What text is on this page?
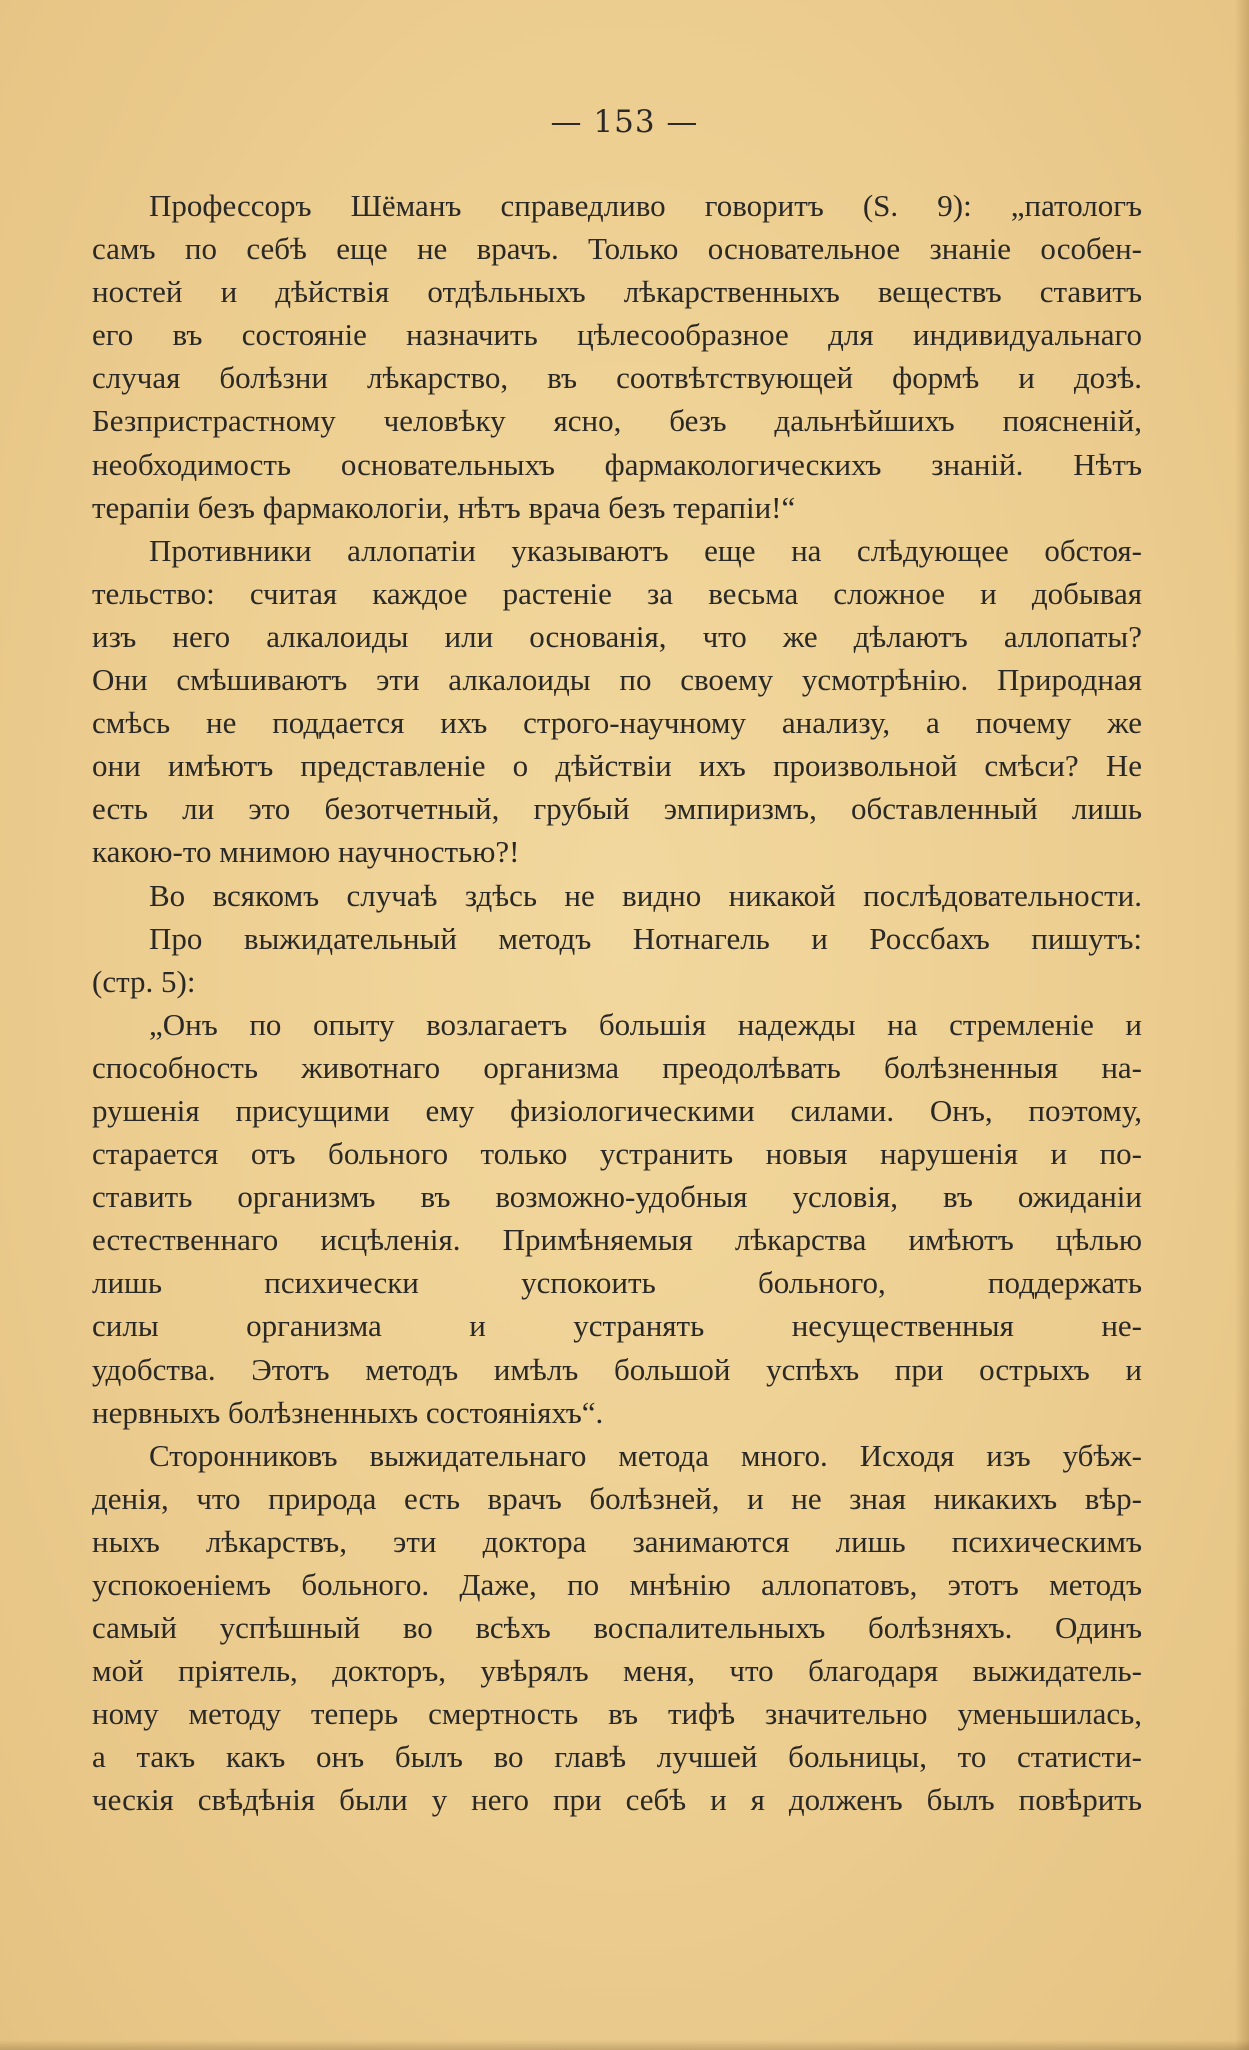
— 153 —
Профессоръ Шёманъ справедливо говоритъ (S. 9): „патологъ
самъ по себѣ еще не врачъ. Только основательное знаніе особен-
ностей и дѣйствія отдѣльныхъ лѣкарственныхъ веществъ ставитъ
его въ состояніе назначить цѣлесообразное для индивидуальнаго
случая болѣзни лѣкарство, въ соотвѣтствующей формѣ и дозѣ.
Безпристрастному человѣку ясно, безъ дальнѣйшихъ поясненій,
необходимость основательныхъ фармакологическихъ знаній. Нѣтъ
терапіи безъ фармакологіи, нѣтъ врача безъ терапіи!“
Противники аллопатіи указываютъ еще на слѣдующее обстоя-
тельство: считая каждое растеніе за весьма сложное и добывая
изъ него алкалоиды или основанія, что же дѣлаютъ аллопаты?
Они смѣшиваютъ эти алкалоиды по своему усмотрѣнію. Природная
смѣсь не поддается ихъ строго-научному анализу, а почему же
они имѣютъ представленіе о дѣйствіи ихъ произвольной смѣси? Не
есть ли это безотчетный, грубый эмпиризмъ, обставленный лишь
какою-то мнимою научностью?!
Во всякомъ случаѣ здѣсь не видно никакой послѣдовательности.
Про выжидательный методъ Нотнагель и Россбахъ пишутъ:
(стр. 5):
„Онъ по опыту возлагаетъ большія надежды на стремленіе и
способность животнаго организма преодолѣвать болѣзненныя на-
рушенія присущими ему физіологическими силами. Онъ, поэтому,
старается отъ больного только устранить новыя нарушенія и по-
ставить организмъ въ возможно-удобныя условія, въ ожиданіи
естественнаго исцѣленія. Примѣняемыя лѣкарства имѣютъ цѣлью
лишь психически успокоить больного, поддержать
силы организма и устранять несущественныя не-
удобства. Этотъ методъ имѣлъ большой успѣхъ при острыхъ и
нервныхъ болѣзненныхъ состояніяхъ“.
Сторонниковъ выжидательнаго метода много. Исходя изъ убѣж-
денія, что природа есть врачъ болѣзней, и не зная никакихъ вѣр-
ныхъ лѣкарствъ, эти доктора занимаются лишь психическимъ
успокоеніемъ больного. Даже, по мнѣнію аллопатовъ, этотъ методъ
самый успѣшный во всѣхъ воспалительныхъ болѣзняхъ. Одинъ
мой пріятель, докторъ, увѣрялъ меня, что благодаря выжидатель-
ному методу теперь смертность въ тифѣ значительно уменьшилась,
а такъ какъ онъ былъ во главѣ лучшей больницы, то статисти-
ческія свѣдѣнія были у него при себѣ и я долженъ былъ повѣрить
